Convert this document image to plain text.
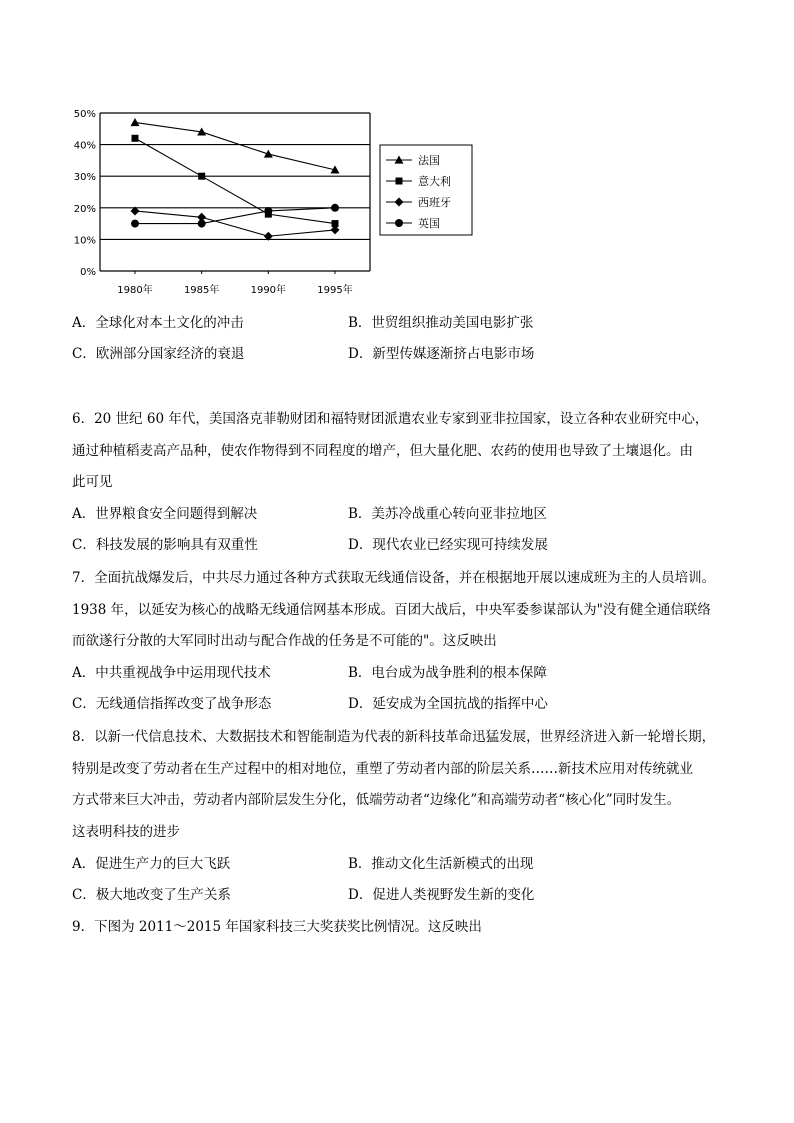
50%
40%
30%
20%
10%
0%
1980年	1985年	1990年	1995年
法国
意大利
西班牙
英国
A．全球化对本土文化的冲击	B．世贸组织推动美国电影扩张
C．欧洲部分国家经济的衰退	D．新型传媒逐渐挤占电影市场
6．20 世纪 60 年代，美国洛克菲勒财团和福特财团派遣农业专家到亚非拉国家，设立各种农业研究中心，
通过种植稻麦高产品种，使农作物得到不同程度的增产，但大量化肥、农药的使用也导致了土壤退化。由
此可见
A．世界粮食安全问题得到解决	B．美苏冷战重心转向亚非拉地区
C．科技发展的影响具有双重性	D．现代农业已经实现可持续发展
7．全面抗战爆发后，中共尽力通过各种方式获取无线通信设备，并在根据地开展以速成班为主的人员培训。
1938 年，以延安为核心的战略无线通信网基本形成。百团大战后，中央军委参谋部认为"没有健全通信联络
而欲遂行分散的大军同时出动与配合作战的任务是不可能的"。这反映出
A．中共重视战争中运用现代技术	B．电台成为战争胜利的根本保障
C．无线通信指挥改变了战争形态	D．延安成为全国抗战的指挥中心
8．以新一代信息技术、大数据技术和智能制造为代表的新科技革命迅猛发展，世界经济进入新一轮增长期，
特别是改变了劳动者在生产过程中的相对地位，重塑了劳动者内部的阶层关系……新技术应用对传统就业
方式带来巨大冲击，劳动者内部阶层发生分化，低端劳动者“边缘化”和高端劳动者“核心化”同时发生。
这表明科技的进步
A．促进生产力的巨大飞跃	B．推动文化生活新模式的出现
C．极大地改变了生产关系	D．促进人类视野发生新的变化
9．下图为 2011～2015 年国家科技三大奖获奖比例情况。这反映出
